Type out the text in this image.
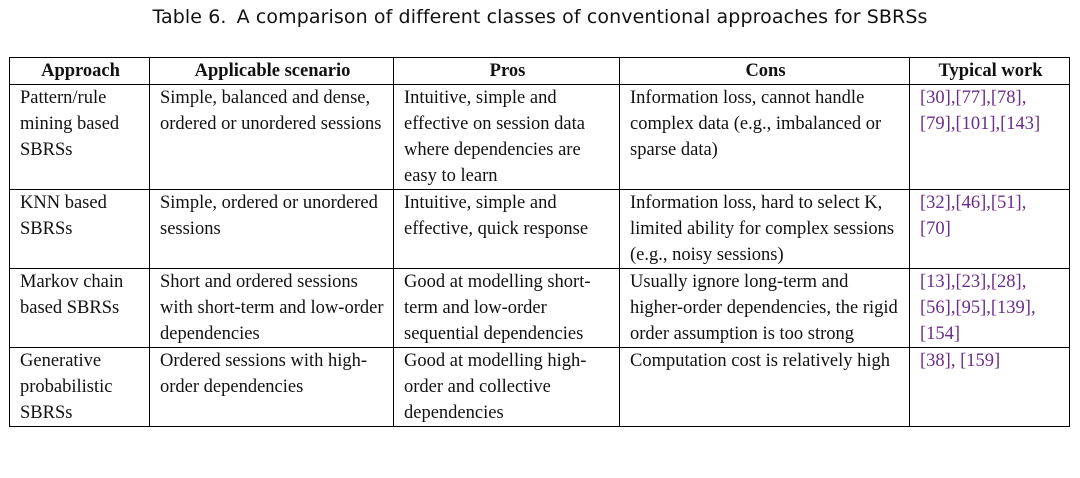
Table 6. A comparison of different classes of conventional approaches for SBRSs
Approach	Applicable scenario	Pros	Cons	Typical work
Pattern/rule mining based SBRSs	Simple, balanced and dense, ordered or unordered sessions	Intuitive, simple and effective on session data where dependencies are easy to learn	Information loss, cannot handle complex data (e.g., imbalanced or sparse data)	[30],[77],[78], [79],[101],[143]
KNN based SBRSs	Simple, ordered or unordered sessions	Intuitive, simple and effective, quick response	Information loss, hard to select K, limited ability for complex sessions (e.g., noisy sessions)	[32],[46],[51], [70]
Markov chain based SBRSs	Short and ordered sessions with short-term and low-order dependencies	Good at modelling short-term and low-order sequential dependencies	Usually ignore long-term and higher-order dependencies, the rigid order assumption is too strong	[13],[23],[28], [56],[95],[139], [154]
Generative probabilistic SBRSs	Ordered sessions with high-order dependencies	Good at modelling high-order and collective dependencies	Computation cost is relatively high	[38], [159]
